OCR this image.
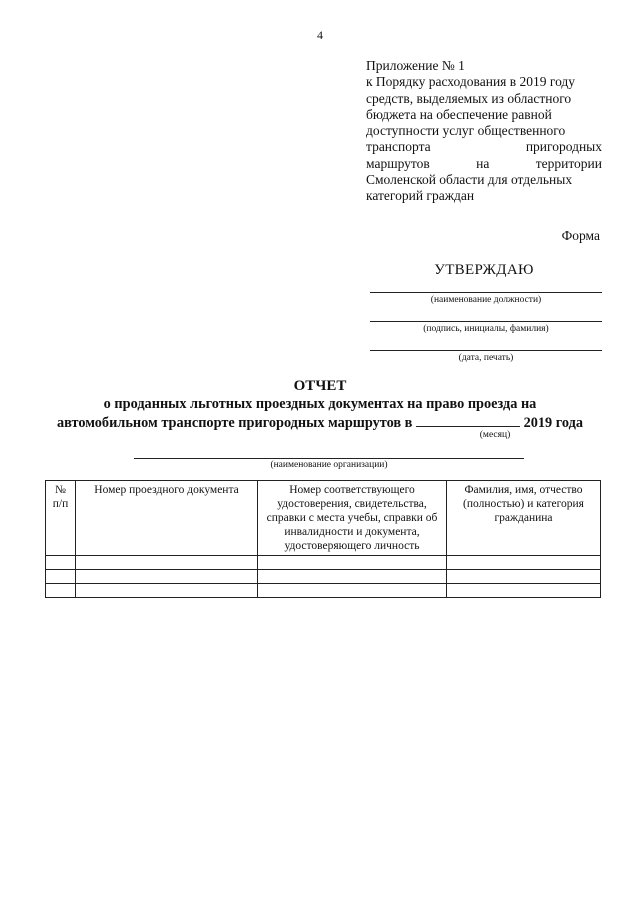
4
Приложение № 1
к Порядку расходования в 2019 году
средств, выделяемых из областного
бюджета на обеспечение равной
доступности услуг общественного
транспорта	пригородных
маршрутов	на	территории
Смоленской области для отдельных
категорий граждан
Форма
УТВЕРЖДАЮ
(наименование должности)
(подпись, инициалы, фамилия)
(дата, печать)
ОТЧЕТ
о проданных льготных проездных документах на право проезда на
автомобильном транспорте пригородных маршрутов в	2019 года
(месяц)
(наименование организации)
№ п/п	Номер проездного документа	Номер соответствующего удостоверения, свидетельства, справки с места учебы, справки об инвалидности и документа, удостоверяющего личность	Фамилия, имя, отчество (полностью) и категория гражданина
